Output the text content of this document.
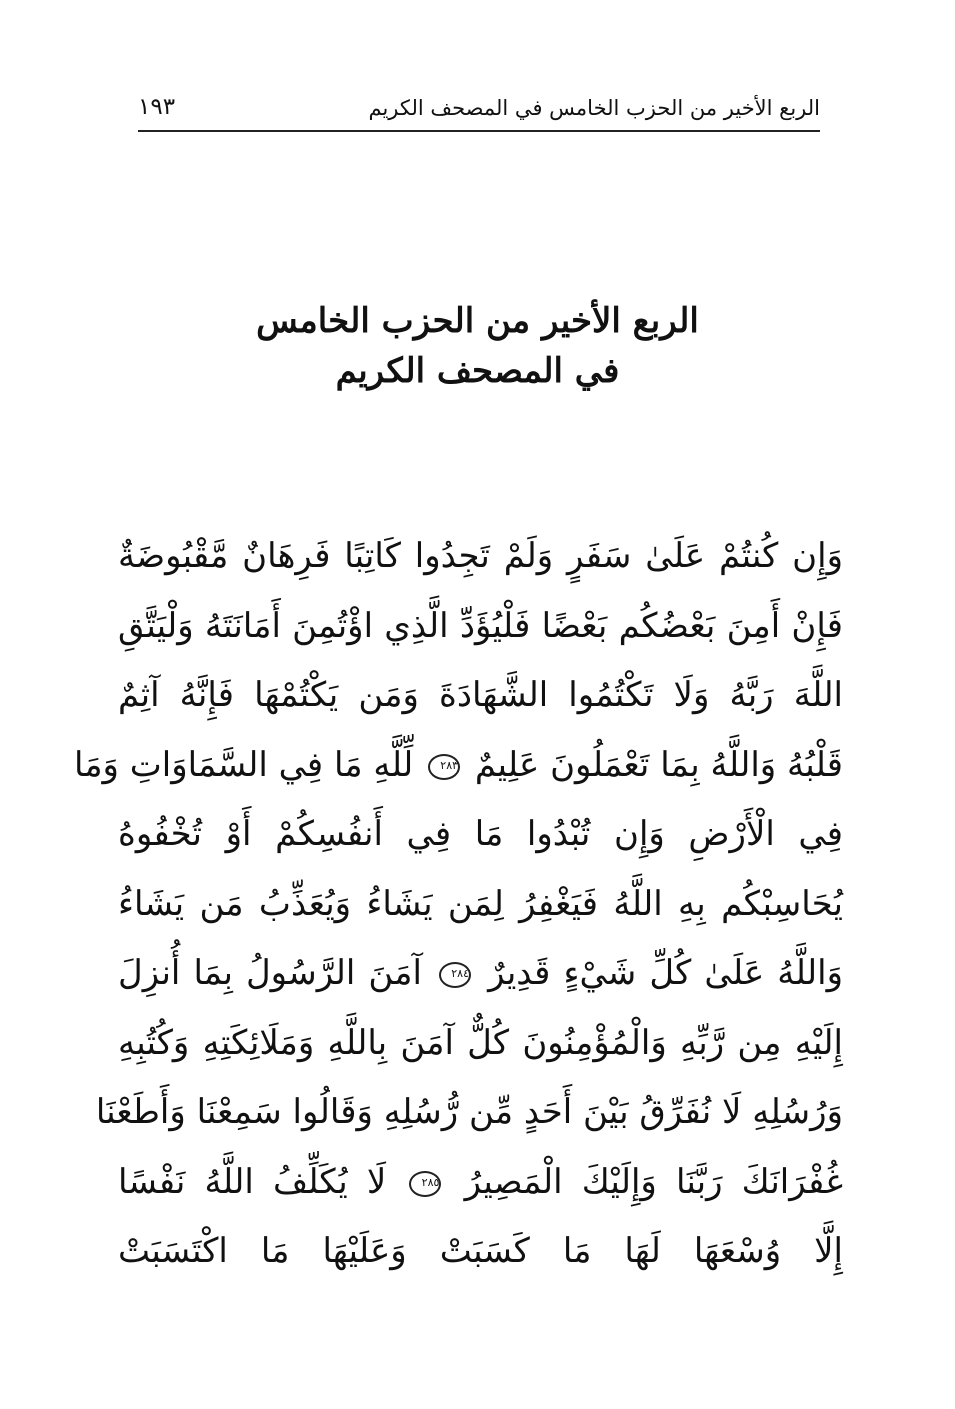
الربع الأخير من الحزب الخامس في المصحف الكريم
١٩٣
الربع الأخير من الحزب الخامس
في المصحف الكريم
وَإِن كُنتُمْ عَلَىٰ سَفَرٍ وَلَمْ تَجِدُوا كَاتِبًا فَرِهَانٌ مَّقْبُوضَةٌ
فَإِنْ أَمِنَ بَعْضُكُم بَعْضًا فَلْيُؤَدِّ الَّذِي اؤْتُمِنَ أَمَانَتَهُ وَلْيَتَّقِ
اللَّهَ رَبَّهُ وَلَا تَكْتُمُوا الشَّهَادَةَ وَمَن يَكْتُمْهَا فَإِنَّهُ آثِمٌ
قَلْبُهُ وَاللَّهُ بِمَا تَعْمَلُونَ عَلِيمٌ ٢٨٣ لِّلَّهِ مَا فِي السَّمَاوَاتِ وَمَا
فِي الْأَرْضِ وَإِن تُبْدُوا مَا فِي أَنفُسِكُمْ أَوْ تُخْفُوهُ
يُحَاسِبْكُم بِهِ اللَّهُ فَيَغْفِرُ لِمَن يَشَاءُ وَيُعَذِّبُ مَن يَشَاءُ
وَاللَّهُ عَلَىٰ كُلِّ شَيْءٍ قَدِيرٌ ٢٨٤ آمَنَ الرَّسُولُ بِمَا أُنزِلَ
إِلَيْهِ مِن رَّبِّهِ وَالْمُؤْمِنُونَ كُلٌّ آمَنَ بِاللَّهِ وَمَلَائِكَتِهِ وَكُتُبِهِ
وَرُسُلِهِ لَا نُفَرِّقُ بَيْنَ أَحَدٍ مِّن رُّسُلِهِ وَقَالُوا سَمِعْنَا وَأَطَعْنَا
غُفْرَانَكَ رَبَّنَا وَإِلَيْكَ الْمَصِيرُ ٢٨٥ لَا يُكَلِّفُ اللَّهُ نَفْسًا
إِلَّا وُسْعَهَا لَهَا مَا كَسَبَتْ وَعَلَيْهَا مَا اكْتَسَبَتْ
